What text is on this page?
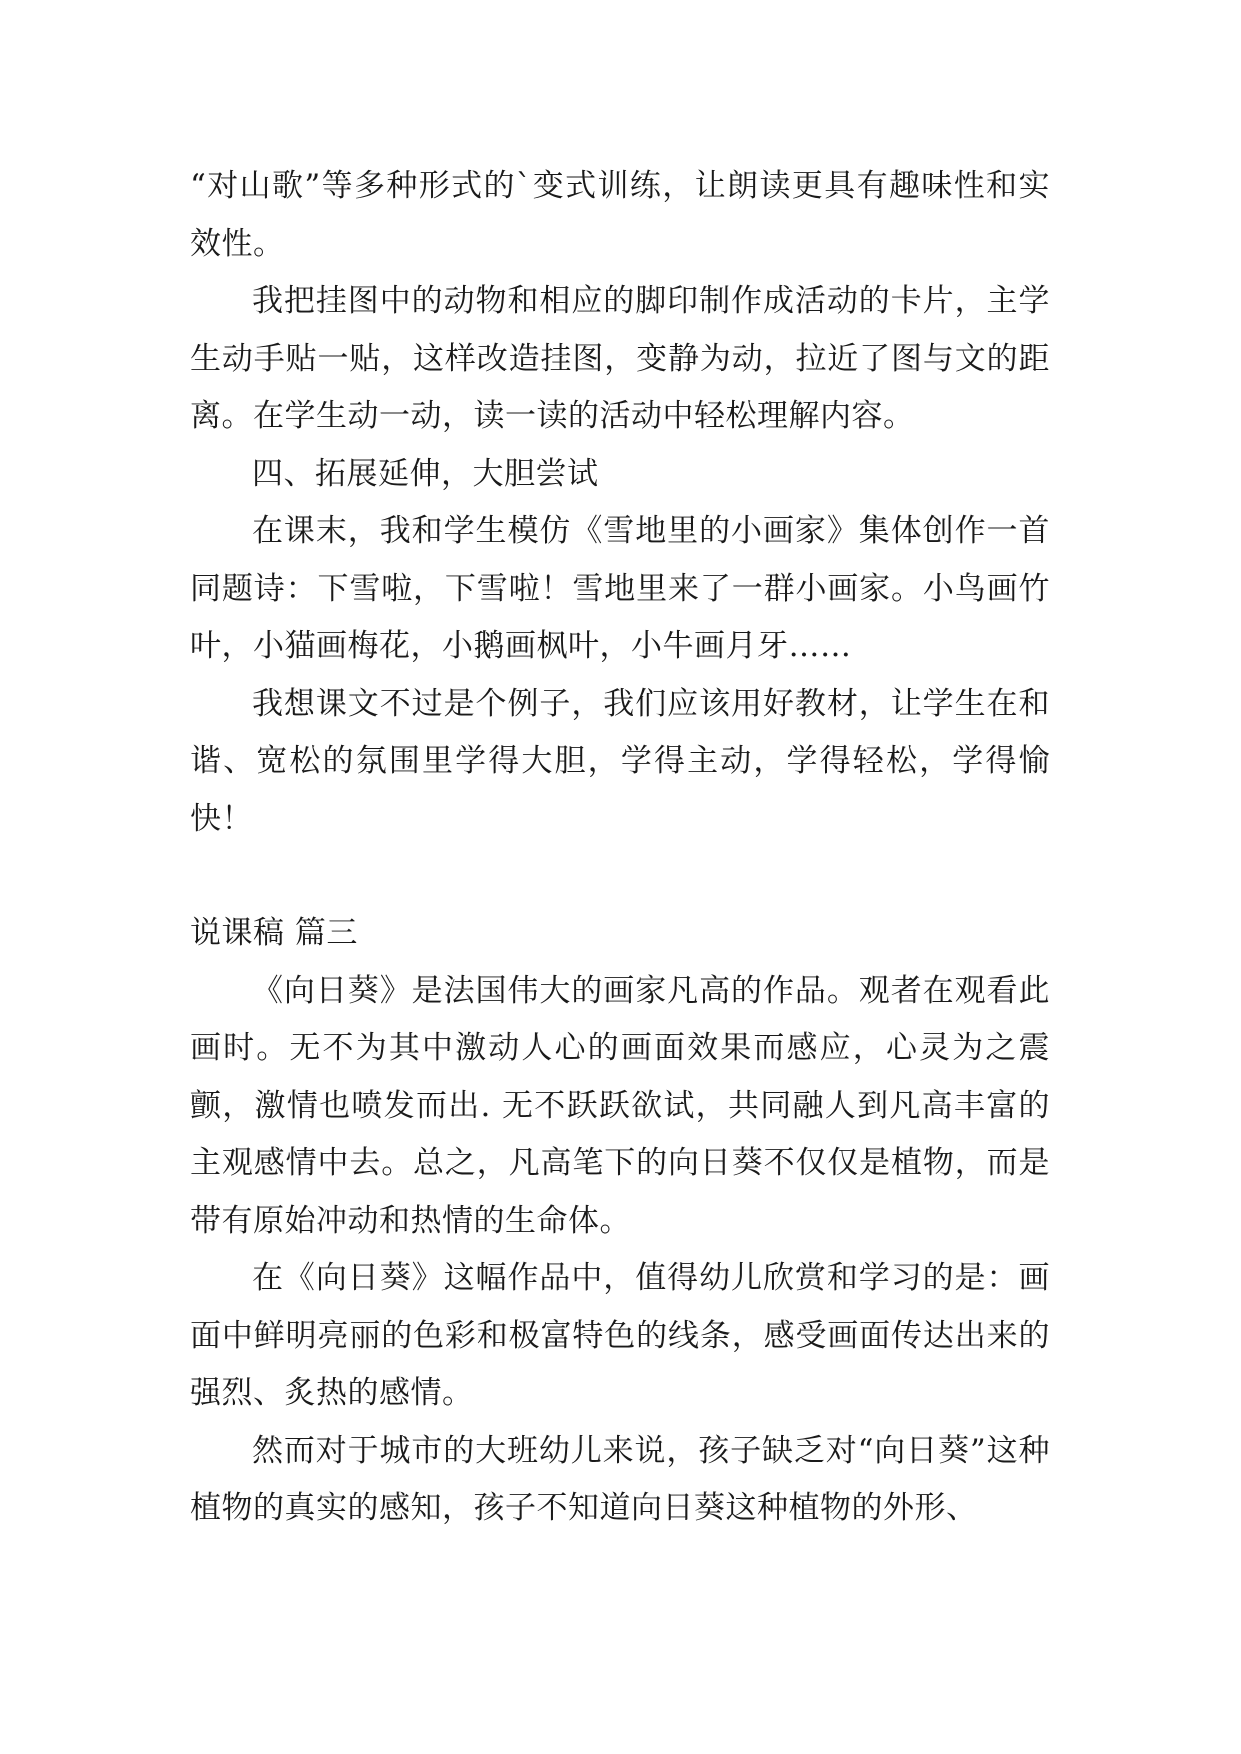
“对山歌”等多种形式的`变式训练，让朗读更具有趣味性和实效性。

我把挂图中的动物和相应的脚印制作成活动的卡片，主学生动手贴一贴，这样改造挂图，变静为动，拉近了图与文的距离。在学生动一动，读一读的活动中轻松理解内容。

四、拓展延伸，大胆尝试

在课末，我和学生模仿《雪地里的小画家》集体创作一首同题诗：下雪啦，下雪啦！雪地里来了一群小画家。小鸟画竹叶，小猫画梅花，小鹅画枫叶，小牛画月牙……

我想课文不过是个例子，我们应该用好教材，让学生在和谐、宽松的氛围里学得大胆，学得主动，学得轻松，学得愉快！

说课稿 篇三

《向日葵》是法国伟大的画家凡高的作品。观者在观看此画时。无不为其中激动人心的画面效果而感应，心灵为之震颤，激情也喷发而出. 无不跃跃欲试，共同融人到凡高丰富的主观感情中去。总之，凡高笔下的向日葵不仅仅是植物，而是带有原始冲动和热情的生命体。

在《向日葵》这幅作品中，值得幼儿欣赏和学习的是：画面中鲜明亮丽的色彩和极富特色的线条，感受画面传达出来的强烈、炙热的感情。

然而对于城市的大班幼儿来说，孩子缺乏对“向日葵”这种植物的真实的感知，孩子不知道向日葵这种植物的外形、
